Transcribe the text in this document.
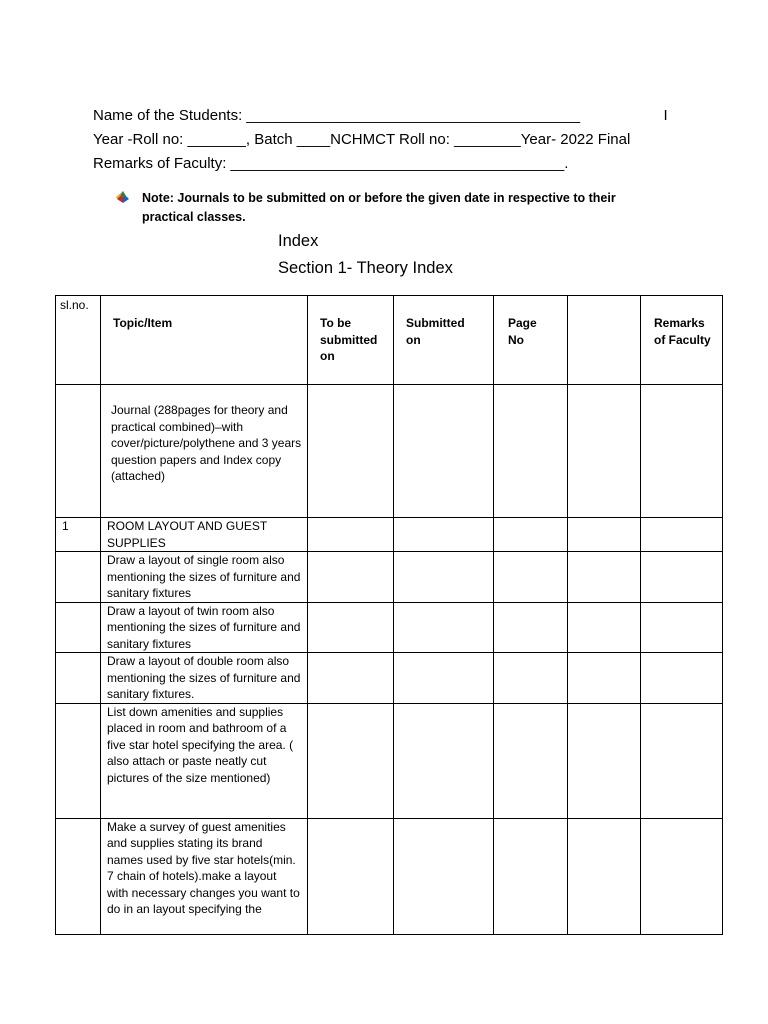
Name of the Students: ________________________________________                    I
Year -Roll no: _______, Batch ____NCHMCT Roll no: ________Year- 2022 Final
Remarks of Faculty: ________________________________________.
Note: Journals to be submitted on or before the given date in respective to their practical classes.
Index
Section 1- Theory Index
sl.no.	Topic/Item	To be submitted on	Submitted on	Page No		Remarks of Faculty

	Journal (288pages for theory and practical combined)–with cover/picture/polythene and 3 years question papers and Index copy (attached)					

1	ROOM LAYOUT AND GUEST SUPPLIES					

	Draw a layout of single room also mentioning the sizes of furniture and sanitary fixtures					

	Draw a layout of twin room also mentioning the sizes of furniture and sanitary fixtures					

	Draw a layout of double room also mentioning the sizes of furniture and sanitary fixtures.					

	List down amenities and supplies placed in room and bathroom of a five star hotel specifying the area. ( also attach or paste neatly cut pictures of the size mentioned)					

	Make a survey of guest amenities and supplies stating its brand names used by five star hotels(min. 7 chain of hotels).make a layout with necessary changes you want to do in an layout specifying the					
